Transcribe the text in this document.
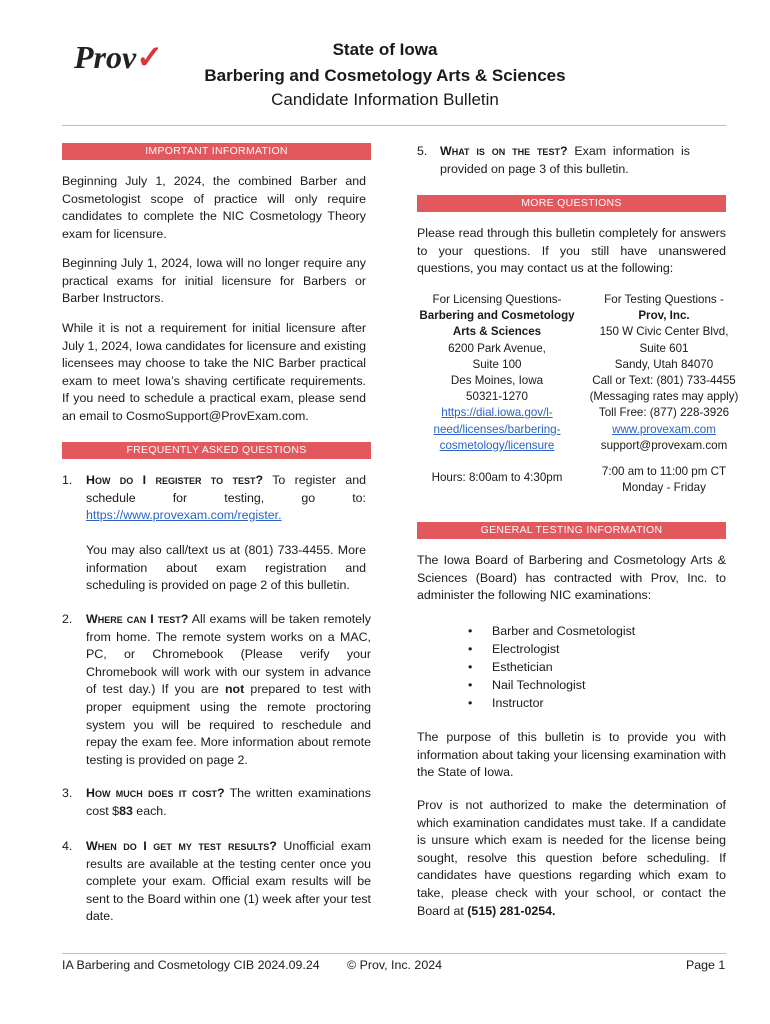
Prov✓	State of Iowa
Barbering and Cosmetology Arts & Sciences
Candidate Information Bulletin
IMPORTANT INFORMATION
Beginning July 1, 2024, the combined Barber and Cosmetologist scope of practice will only require candidates to complete the NIC Cosmetology Theory exam for licensure.
Beginning July 1, 2024, Iowa will no longer require any practical exams for initial licensure for Barbers or Barber Instructors.
While it is not a requirement for initial licensure after July 1, 2024, Iowa candidates for licensure and existing licensees may choose to take the NIC Barber practical exam to meet Iowa’s shaving certificate requirements. If you need to schedule a practical exam, please send an email to CosmoSupport@ProvExam.com.
FREQUENTLY ASKED QUESTIONS
1. How do I register to test? To register and schedule for testing, go to: https://www.provexam.com/register.
You may also call/text us at (801) 733-4455. More information about exam registration and scheduling is provided on page 2 of this bulletin.
2. Where can I test? All exams will be taken remotely from home. The remote system works on a MAC, PC, or Chromebook (Please verify your Chromebook will work with our system in advance of test day.) If you are not prepared to test with proper equipment using the remote proctoring system you will be required to reschedule and repay the exam fee. More information about remote testing is provided on page 2.
3. How much does it cost? The written examinations cost $83 each.
4. When do I get my test results? Unofficial exam results are available at the testing center once you complete your exam. Official exam results will be sent to the Board within one (1) week after your test date.
5. What is on the test? Exam information is provided on page 3 of this bulletin.
MORE QUESTIONS
Please read through this bulletin completely for answers to your questions. If you still have unanswered questions, you may contact us at the following:
For Licensing Questions-
Barbering and Cosmetology
Arts & Sciences
6200 Park Avenue,
Suite 100
Des Moines, Iowa
50321-1270
https://dial.iowa.gov/l-
need/licenses/barbering-
cosmetology/licensure
Hours: 8:00am to 4:30pm
For Testing Questions -
Prov, Inc.
150 W Civic Center Blvd,
Suite 601
Sandy, Utah 84070
Call or Text: (801) 733-4455
(Messaging rates may apply)
Toll Free: (877) 228-3926
www.provexam.com
support@provexam.com
7:00 am to 11:00 pm CT
Monday - Friday
GENERAL TESTING INFORMATION
The Iowa Board of Barbering and Cosmetology Arts & Sciences (Board) has contracted with Prov, Inc. to administer the following NIC examinations:
• Barber and Cosmetologist
• Electrologist
• Esthetician
• Nail Technologist
• Instructor
The purpose of this bulletin is to provide you with information about taking your licensing examination with the State of Iowa.
Prov is not authorized to make the determination of which examination candidates must take. If a candidate is unsure which exam is needed for the license being sought, resolve this question before scheduling. If candidates have questions regarding which exam to take, please check with your school, or contact the Board at (515) 281-0254.
IA Barbering and Cosmetology CIB 2024.09.24 © Prov, Inc. 2024	Page 1
